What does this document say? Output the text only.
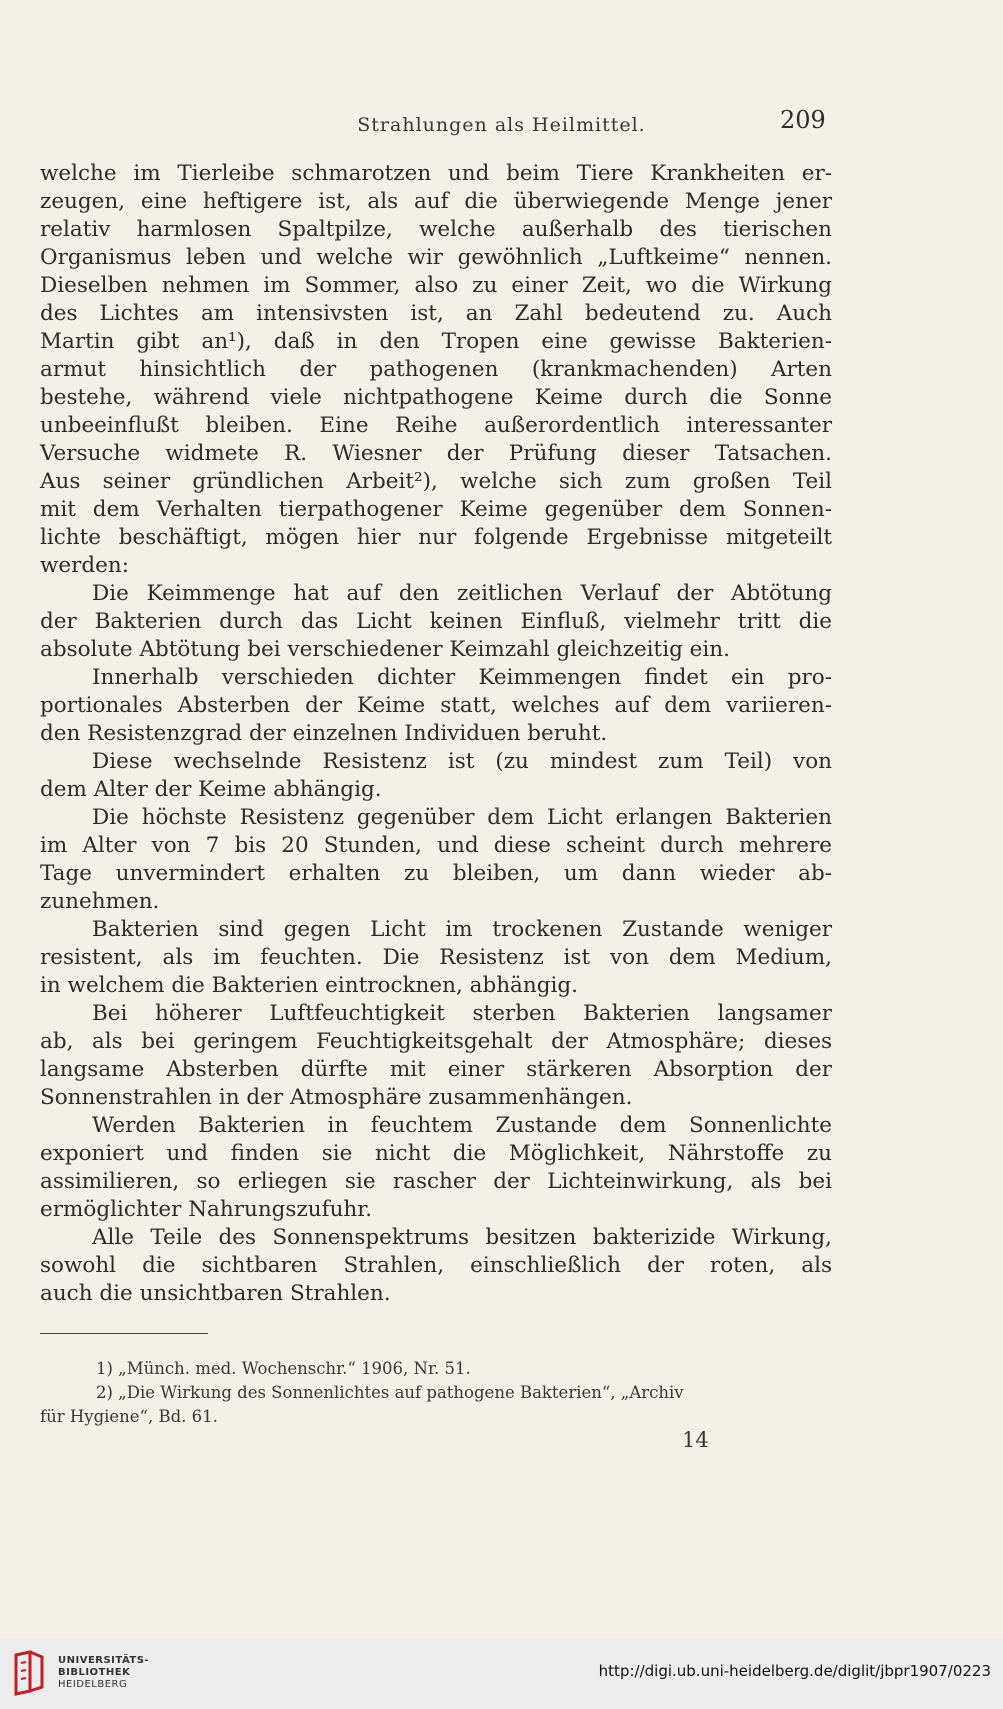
Strahlungen als Heilmittel.	209
welche im Tierleibe schmarotzen und beim Tiere Krankheiten er-
zeugen, eine heftigere ist, als auf die überwiegende Menge jener
relativ harmlosen Spaltpilze, welche außerhalb des tierischen
Organismus leben und welche wir gewöhnlich „Luftkeime“ nennen.
Dieselben nehmen im Sommer, also zu einer Zeit, wo die Wirkung
des Lichtes am intensivsten ist, an Zahl bedeutend zu. Auch
Martin gibt an¹), daß in den Tropen eine gewisse Bakterien-
armut hinsichtlich der pathogenen (krankmachenden) Arten
bestehe, während viele nichtpathogene Keime durch die Sonne
unbeeinflußt bleiben. Eine Reihe außerordentlich interessanter
Versuche widmete R. Wiesner der Prüfung dieser Tatsachen.
Aus seiner gründlichen Arbeit²), welche sich zum großen Teil
mit dem Verhalten tierpathogener Keime gegenüber dem Sonnen-
lichte beschäftigt, mögen hier nur folgende Ergebnisse mitgeteilt
werden:
Die Keimmenge hat auf den zeitlichen Verlauf der Abtötung
der Bakterien durch das Licht keinen Einfluß, vielmehr tritt die
absolute Abtötung bei verschiedener Keimzahl gleichzeitig ein.
Innerhalb verschieden dichter Keimmengen findet ein pro-
portionales Absterben der Keime statt, welches auf dem variieren-
den Resistenzgrad der einzelnen Individuen beruht.
Diese wechselnde Resistenz ist (zu mindest zum Teil) von
dem Alter der Keime abhängig.
Die höchste Resistenz gegenüber dem Licht erlangen Bakterien
im Alter von 7 bis 20 Stunden, und diese scheint durch mehrere
Tage unvermindert erhalten zu bleiben, um dann wieder ab-
zunehmen.
Bakterien sind gegen Licht im trockenen Zustande weniger
resistent, als im feuchten. Die Resistenz ist von dem Medium,
in welchem die Bakterien eintrocknen, abhängig.
Bei höherer Luftfeuchtigkeit sterben Bakterien langsamer
ab, als bei geringem Feuchtigkeitsgehalt der Atmosphäre; dieses
langsame Absterben dürfte mit einer stärkeren Absorption der
Sonnenstrahlen in der Atmosphäre zusammenhängen.
Werden Bakterien in feuchtem Zustande dem Sonnenlichte
exponiert und finden sie nicht die Möglichkeit, Nährstoffe zu
assimilieren, so erliegen sie rascher der Lichteinwirkung, als bei
ermöglichter Nahrungszufuhr.
Alle Teile des Sonnenspektrums besitzen bakterizide Wirkung,
sowohl die sichtbaren Strahlen, einschließlich der roten, als
auch die unsichtbaren Strahlen.
1) „Münch. med. Wochenschr.“ 1906, Nr. 51.
2) „Die Wirkung des Sonnenlichtes auf pathogene Bakterien“, „Archiv
für Hygiene“, Bd. 61.
14
UNIVERSITÄTS-
BIBLIOTHEK
HEIDELBERG
http://digi.ub.uni-heidelberg.de/diglit/jbpr1907/0223
